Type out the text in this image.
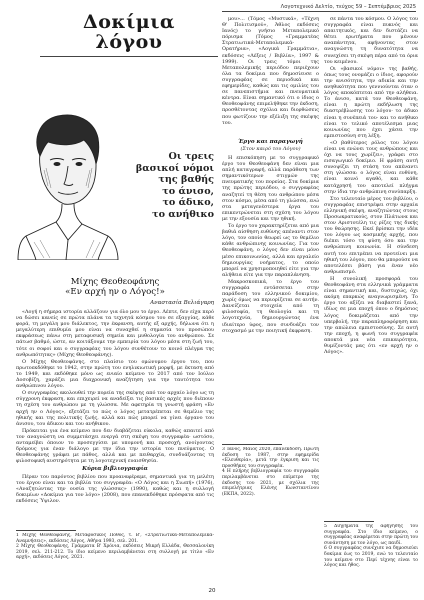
Λογοτεχνικό Δελτίο, τεύχος 59 – Σεπτέμβριος 2025
Δοκίμια
λόγου
Οι τρεις
βασικοί νόμοι
της βαθής
το άνισο,
το άδικο,
το ανήθικο
Μίχης Θεοθεοφάνης
«Εν αρχή ην ο Λόγος!»
Αναστασία Βελιάγαρη

«Λογή η σήμερα ιστορία αλλάζουν για όλο μου το έργο. Λέπτε, δεν είχα περό να δώσει κανείς σε πρώτα πλάνα τα τεχνητά κόσμου του σε εξαγγίας, κάθε φορά, τη μεγάλη μου διάλεκτος, την έκφανση, αυτής εξ αρχής, δήλωνα ότι η μεγαλύτερη επιθυμία μου είναι να συναχθεί η σημασία του προσώπου εκφράσεως πάνω στη μεταφυσική σημεία και μυθολογία του ανθρώπου. Σε πάτωσ βαθμό, ώστε, αν κοιτάξουμε την εμπειρία του λόγου μέσα στη ζωή του, τότε οι σοφοί και ο συγγραφέας του λόγου συνθέτουν το κοινό πλέγμα της ανθρωπότητας» (Μίχης Θεοθεοφάνης).

Ο Μίχης Θεοθεοφάνης, στο πλαίσιο του ομώνυμου έργου του, που πρωτοεκδόθηκε το 1942, στην πρώτη του ενηλικιωτική μορφή, με έκταση από το 1949, και εκδόθηκε μόνο ως ενιαίο κείμενο το 2017 από τον Ιούλιο Δοσοβίζη, χαράζει μια διαχρονική αναζήτηση για την ταυτότητα του ανθρώπινου λόγου.

Ο συγγραφέας ακολουθεί την πορεία της σκέψης από τον αρχαίο λόγο ως τη σύγχρονη έκφραση, και επιχειρεί να αναδείξει τις βασικές αρχές που διέπουν τη σχέση του ανθρώπου με τη γλώσσα. Με αφετηρία τη γνωστή φράση «Εν αρχή ην ο Λόγος», εξετάζει το πώς ο λόγος μετατρέπεται σε θεμέλιο της ηθικής και της πολιτικής ζωής, αλλά και πώς μπορεί να γίνει όργανο του άνισου, του άδικου και του ανήθικου.

Πρόκειται για ένα κείμενο που δεν διαβάζεται εύκολα, καθώς απαιτεί από τον αναγνώστη να συμμετάσχει ενεργά στη σκέψη του συγγραφέα· ωστόσο, ανταμείβει όποιον το προσεγγίσει με υπομονή και προσοχή, ανοίγοντας δρόμους για έναν διάλογο με την ίδια την ιστορία του πνεύματος. Ο Θεοθεοφάνης γράφει με πάθος, αλλά και με πειθαρχία, συνδυάζοντας τη φιλοσοφική αυστηρότητα με τη λογοτεχνική ευαισθησία.

Κύρια βιβλιογραφία

Πέραν του παρόντος βιβλίου που προαναφέραμε, σημαντικά για τη μελέτη του έργου είναι και τα βιβλία του συγγραφέα: «Ο Λόγος και η Σιωπή» (1976), «Αναζητώντας την ουσία της γλώσσας» (1990), καθώς και η συλλογή δοκιμίων «Δοκίμια για τον λόγο» (2008), που επανεκδόθηκε πρόσφατα από τις εκδόσεις Ύψιλον.

1 Μίχης Θεοθεοφάνης, Μεταφυσικός Πόθος, τ. Β', «Στρατιωτικά-Μεταπολεμικά-Αναμνήσεις», εκδόσεις Λόγος, Αθήνα 1993, σελ. 201.

2 Μίχης Θεοθεοφάνης, Γράμματα Β' Χρόνια, εκδόσεις Μικρή Ελλάδα, Θεσσαλονίκη 2019, σελ. 211-212. Το ίδιο κείμενο περιλαμβάνεται στη συλλογή με τίτλο «Εν αρχή», εκδόσεις Λόγος, 2021.

μου»... (Τόμος «Μυστικά», «Τέχνη Θ' Πολιτισμού», Άθλος εκδόσεις Ιανός) το γνήσιο Μεταπολεμικό πόρισμα (Τόμος «Γραμματέας Στρατιωτικά-Μεταπολεμικά-Ορατήρια», «Λογικά Γραμμάτια», εκδόσεις «Λέξεις / Βιβλία», 1997 & 1999). Οι τρεις τόμοι της Μεταπολεμικής περιόδου περιέχουν όλα τα δοκίμια που δημοσίευσε ο συγγραφέας σε περιοδικά και εφημερίδες, καθώς και τις ομιλίες του σε πανεπιστήμια και πνευματικά κέντρα. Είναι σημαντικό ότι ο ίδιος ο Θεοθεοφάνης επιμελήθηκε την έκδοση, προσθέτοντας σχόλια και διορθώσεις που φωτίζουν την εξέλιξη της σκέψης του.

Έργο και παραγωγή
(Στον καιρό του Λόγου)

Η επισκόπηση με το συγγραφικό έργο του Θεοθεοφάνη δεν είναι μια απλή καταγραφή, αλλά παράθεση των σημαντικότερων στιγμών της πνευματικής του πορείας. Στα δοκίμια της πρώτης περιόδου, ο συγγραφέας αναζητεί τη θέση του ανθρώπου μέσα στον κόσμο, μέσα από τη γλώσσα, ενώ στα μεταγενέστερα έργα του επικεντρώνεται στη σχέση του λόγου με την εξουσία και την ηθική.

Το έργο του χαρακτηρίζεται από μια βαθιά αίσθηση ευθύνης απέναντι στον λόγο, τον οποίο θεωρεί ως το θεμέλιο κάθε ανθρώπινης κοινωνίας. Για τον Θεοθεοφάνη, ο λόγος δεν είναι μόνο μέσο επικοινωνίας, αλλά και εργαλείο δημιουργίας νοήματος, το οποίο μπορεί να χρησιμοποιηθεί είτε για την αλήθεια είτε για την παραπλάνηση.

Μακροσκοπικά, το έργο του συγγραφέα εντάσσεται στην παράδοση του ελληνικού δοκιμίου, χωρίς όμως να περιορίζεται σε αυτήν. Δανείζεται στοιχεία από τη φιλοσοφία, τη θεολογία και τη λογοτεχνία, δημιουργώντας ένα ιδιαίτερο ύφος, που συνδυάζει τον στοχασμό με την ποιητική έκφραση.

3 Ίανός, Μάιος 2020, επανέκδοση. Πρώτη έκδοση το 1987, στην εφημερίδα «Ελευθερία», μετά την έγκριση και τις προσθήκες του συγγραφέα.

4 Η πλήρης βιβλιογραφία του συγγραφέα περιλαμβάνεται στο επίμετρο της έκδοσης του 2021, με σχόλια της επιμελήτριας Ελένης Κωνσταντίνου (ΕΚΠΑ, 2022).

σε πάντα του κόσμου. Ο λόγος του συγγραφέα είναι πυκνός και απαιτητικός, και δεν διστάζει να θέτει ερωτήματα που μένουν αναπάντητα, αφήνοντας στον αναγνώστη τη δυνατότητα να συνεχίσει τη σκέψη πέρα από τα όρια του κειμένου.

Οι «βασικοί νόμοι» της βαθής, όπως τους ονομάζει ο ίδιος, αφορούν την ανισότητα, την αδικία και την ανηθικότητα που γεννιούνται όταν ο λόγος αποκόπτεται από την αλήθεια. Το άνισο, κατά τον Θεοθεοφάνη, είναι η πρώτη εκδήλωση της διαστρέβλωσης του λόγου· το άδικο είναι η συνέπειά του· και το ανήθικο είναι το τελικό αποτέλεσμα μιας κοινωνίας που έχει χάσει την εμπιστοσύνη στη λέξη.

«Ο βαθύτερος ρόλος του λόγου είναι να ενώνει τους ανθρώπους και όχι να τους χωρίζει», γράφει στο εισαγωγικό δοκίμιο. Η φράση αυτή συνοψίζει τη στάση του απέναντι στη γλώσσα: ο λόγος είναι ευθύνη, είναι κοινό αγαθό, και κάθε κατάχρησή του αποτελεί πλήγμα στην ίδια την ανθρώπινη συνύπαρξη.

Στο τελευταίο μέρος του βιβλίου, ο συγγραφέας επιστρέφει στην αρχαία ελληνική σκέψη, αναζητώντας στους Προσωκρατικούς, στον Πλάτωνα και στον Αριστοτέλη τις ρίζες της δικής του θεώρησης. Εκεί βρίσκει την ιδέα του λόγου ως κοσμικής αρχής, που διέπει τόσο τη φύση όσο και την ανθρώπινη κοινωνία. Η σύνδεση αυτή του επιτρέπει να προτείνει μια ηθική του λόγου, που θα μπορούσε να αποτελέσει βάση για έναν νέο ανθρωπισμό.

Η συνολική προσφορά του Θεοθεοφάνη στα ελληνικά γράμματα είναι σημαντική και, δυστυχώς, όχι ακόμη επαρκώς αναγνωρισμένη. Το έργο του αξίζει να διαβαστεί ξανά, ιδίως σε μια εποχή όπου ο δημόσιος λόγος δοκιμάζεται από την υπερβολή, την παραπληροφόρηση και την απώλεια εμπιστοσύνης. Σε αυτή την εποχή, η φωνή του συγγραφέα αποκτά μια νέα επικαιρότητα, θυμίζοντάς μας ότι «εν αρχή ην ο Λόγος».

5 Διηγήματα της αφήγησης του συγγραφέα. Στο ίδιο κείμενο, ο συγγραφέας αναφέρεται στην πρώτη του συνάντηση με τον λόγο, ως παιδί.

6 Ο συγγραφέας συνέχισε να δημοσιεύει δοκίμια έως το 2019, ενώ το τελευταίο του κείμενο στο Περί τέχνης είναι το λόγος και ήθος.

20
